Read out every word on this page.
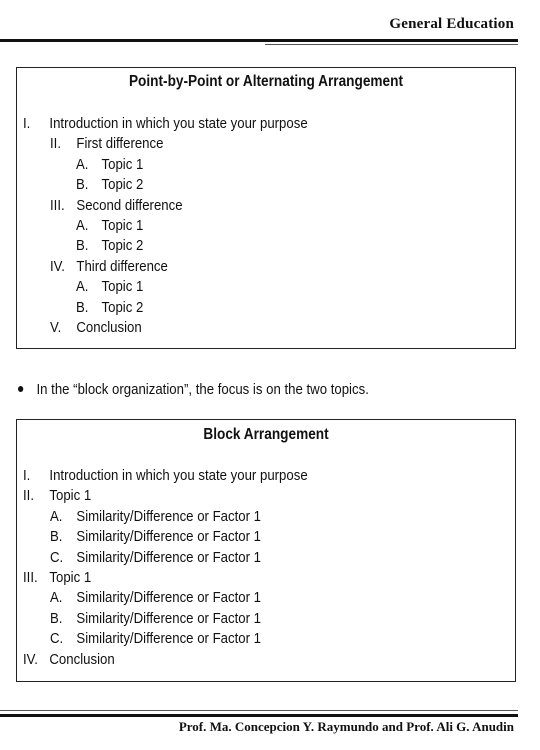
General Education
Point-by-Point or Alternating Arrangement
I. Introduction in which you state your purpose
II. First difference
A. Topic 1
B. Topic 2
III. Second difference
A. Topic 1
B. Topic 2
IV. Third difference
A. Topic 1
B. Topic 2
V. Conclusion
In the “block organization”, the focus is on the two topics.
Block Arrangement
I. Introduction in which you state your purpose
II. Topic 1
A. Similarity/Difference or Factor 1
B. Similarity/Difference or Factor 1
C. Similarity/Difference or Factor 1
III. Topic 1
A. Similarity/Difference or Factor 1
B. Similarity/Difference or Factor 1
C. Similarity/Difference or Factor 1
IV. Conclusion
Prof. Ma. Concepcion Y. Raymundo and Prof. Ali G. Anudin
